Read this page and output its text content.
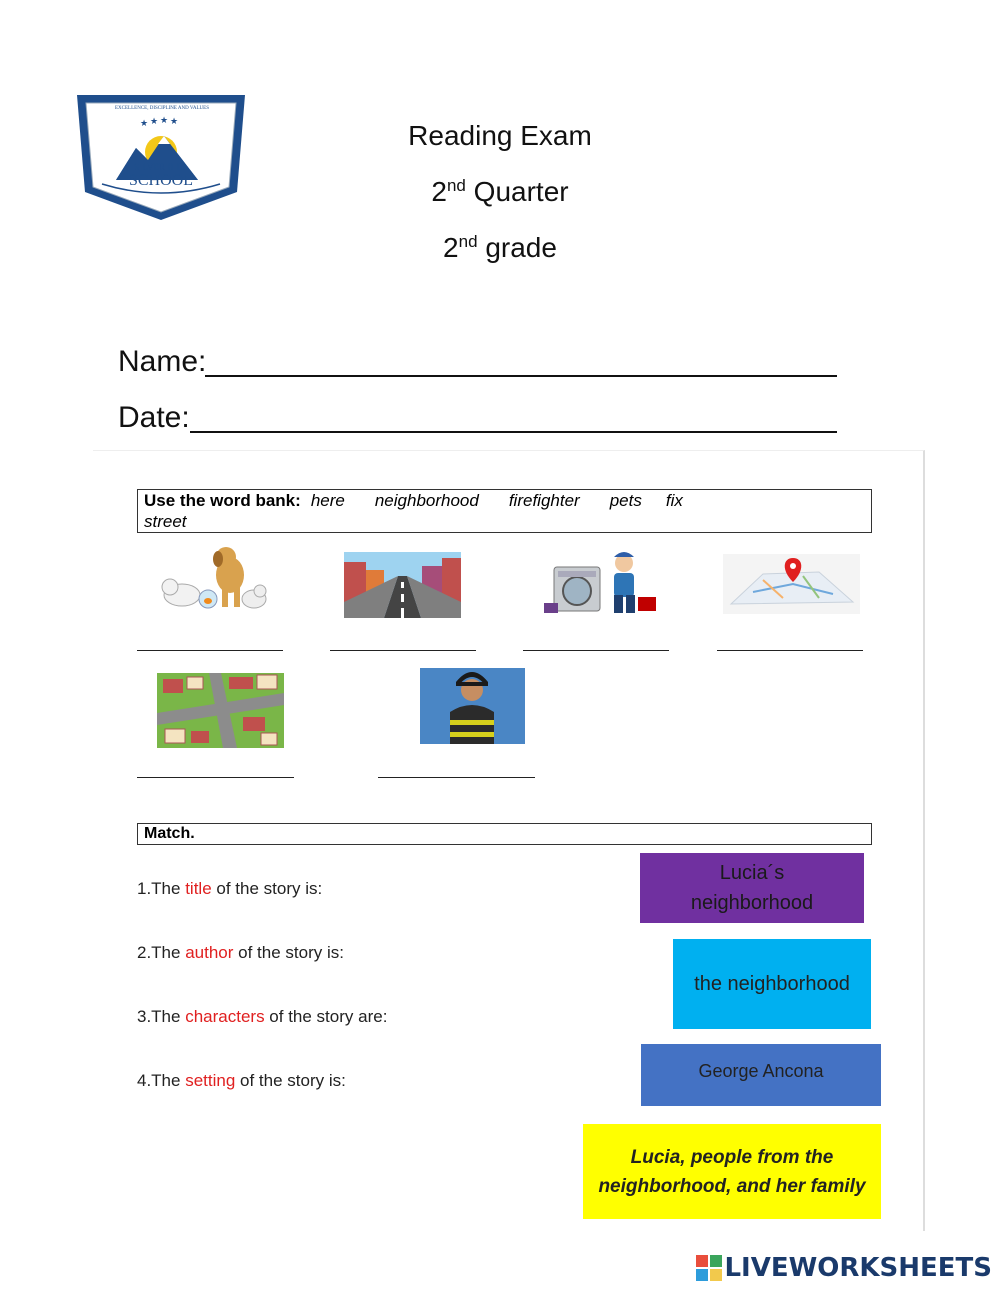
★ ★ ★ ★
EXCELLENCE, DISCIPLINE AND VALUES
SILVER HILL
SCHOOL
Reading Exam
2nd Quarter
2nd grade
Name:
Date:
Use the word bank: here neighborhood firefighter pets fix
street
Match.
1.The title of the story is:
2.The author of the story is:
3.The characters of the story are:
4.The setting of the story is:
Lucia´s neighborhood
the neighborhood
George Ancona
Lucia, people from the neighborhood, and her family
LIVEWORKSHEETS
